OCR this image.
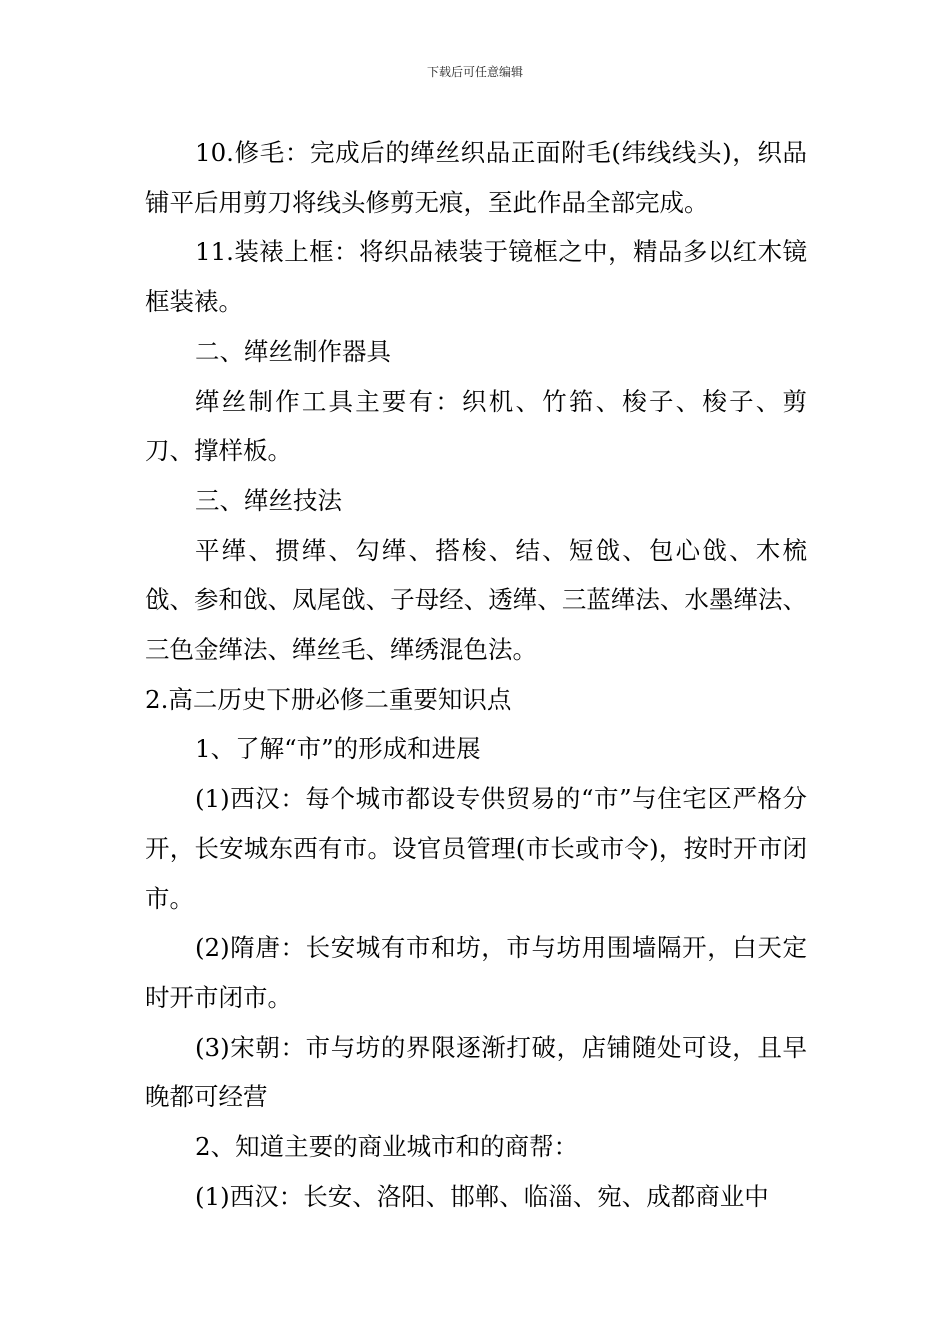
下载后可任意编辑

10.修毛：完成后的缂丝织品正面附毛(纬线线头)，织品铺平后用剪刀将线头修剪无痕，至此作品全部完成。

11.装裱上框：将织品裱装于镜框之中，精品多以红木镜框装裱。

二、缂丝制作器具

缂丝制作工具主要有：织机、竹筘、梭子、梭子、剪刀、撑样板。

三、缂丝技法

平缂、掼缂、勾缂、搭梭、结、短戗、包心戗、木梳戗、参和戗、凤尾戗、子母经、透缂、三蓝缂法、水墨缂法、三色金缂法、缂丝毛、缂绣混色法。

2.高二历史下册必修二重要知识点

1、了解“市”的形成和进展

(1)西汉：每个城市都设专供贸易的“市”与住宅区严格分开，长安城东西有市。设官员管理(市长或市令)，按时开市闭市。

(2)隋唐：长安城有市和坊，市与坊用围墙隔开，白天定时开市闭市。

(3)宋朝：市与坊的界限逐渐打破，店铺随处可设，且早晚都可经营

2、知道主要的商业城市和的商帮：

(1)西汉：长安、洛阳、邯郸、临淄、宛、成都商业中
